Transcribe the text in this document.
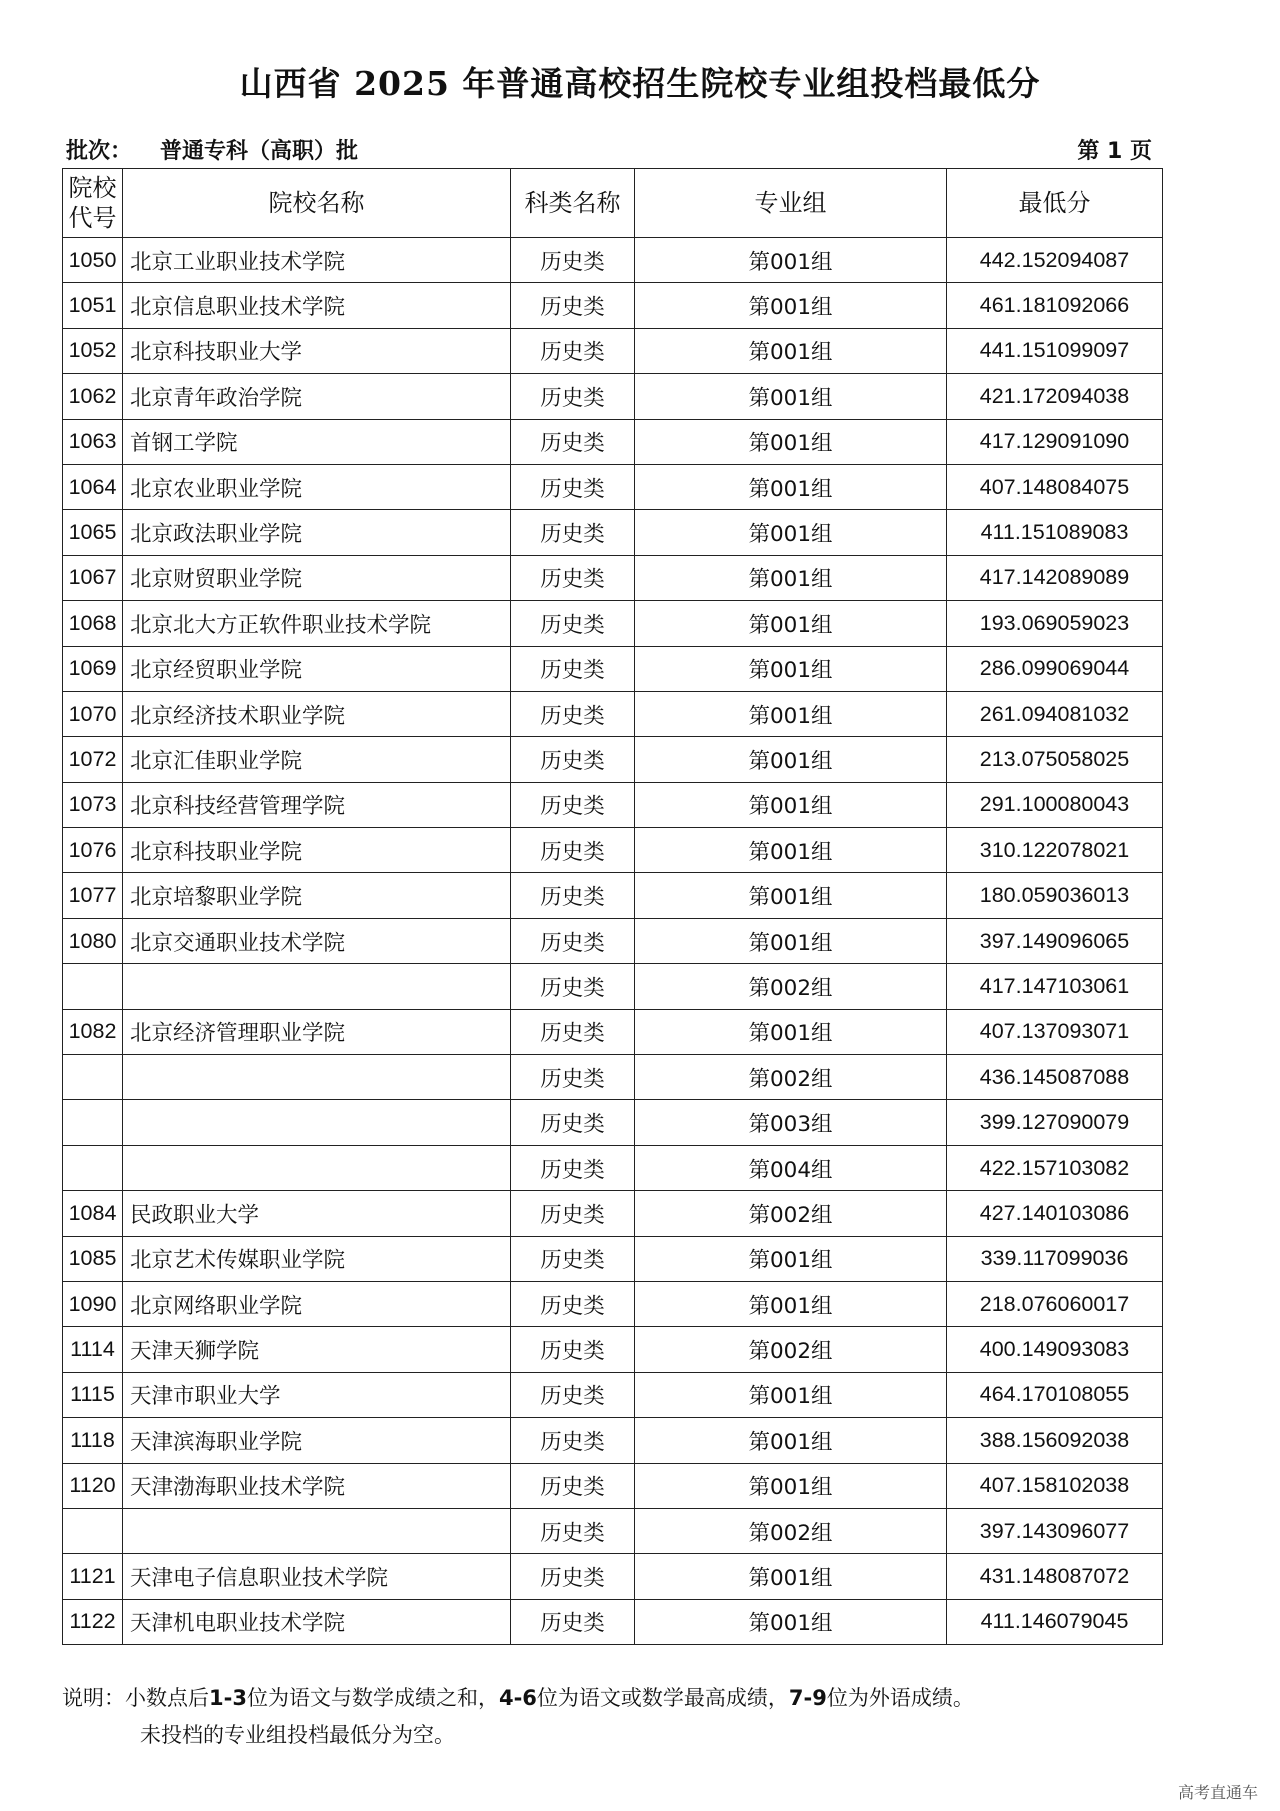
山西省 2025 年普通高校招生院校专业组投档最低分
批次： 普通专科（高职）批	第 1 页
院校
代号	院校名称	科类名称	专业组	最低分
1050	北京工业职业技术学院	历史类	第001组	442.152094087
1051	北京信息职业技术学院	历史类	第001组	461.181092066
1052	北京科技职业大学	历史类	第001组	441.151099097
1062	北京青年政治学院	历史类	第001组	421.172094038
1063	首钢工学院	历史类	第001组	417.129091090
1064	北京农业职业学院	历史类	第001组	407.148084075
1065	北京政法职业学院	历史类	第001组	411.151089083
1067	北京财贸职业学院	历史类	第001组	417.142089089
1068	北京北大方正软件职业技术学院	历史类	第001组	193.069059023
1069	北京经贸职业学院	历史类	第001组	286.099069044
1070	北京经济技术职业学院	历史类	第001组	261.094081032
1072	北京汇佳职业学院	历史类	第001组	213.075058025
1073	北京科技经营管理学院	历史类	第001组	291.100080043
1076	北京科技职业学院	历史类	第001组	310.122078021
1077	北京培黎职业学院	历史类	第001组	180.059036013
1080	北京交通职业技术学院	历史类	第001组	397.149096065
		历史类	第002组	417.147103061
1082	北京经济管理职业学院	历史类	第001组	407.137093071
		历史类	第002组	436.145087088
		历史类	第003组	399.127090079
		历史类	第004组	422.157103082
1084	民政职业大学	历史类	第002组	427.140103086
1085	北京艺术传媒职业学院	历史类	第001组	339.117099036
1090	北京网络职业学院	历史类	第001组	218.076060017
1114	天津天狮学院	历史类	第002组	400.149093083
1115	天津市职业大学	历史类	第001组	464.170108055
1118	天津滨海职业学院	历史类	第001组	388.156092038
1120	天津渤海职业技术学院	历史类	第001组	407.158102038
		历史类	第002组	397.143096077
1121	天津电子信息职业技术学院	历史类	第001组	431.148087072
1122	天津机电职业技术学院	历史类	第001组	411.146079045
说明：小数点后1-3位为语文与数学成绩之和，4-6位为语文或数学最高成绩，7-9位为外语成绩。
未投档的专业组投档最低分为空。
高考直通车
